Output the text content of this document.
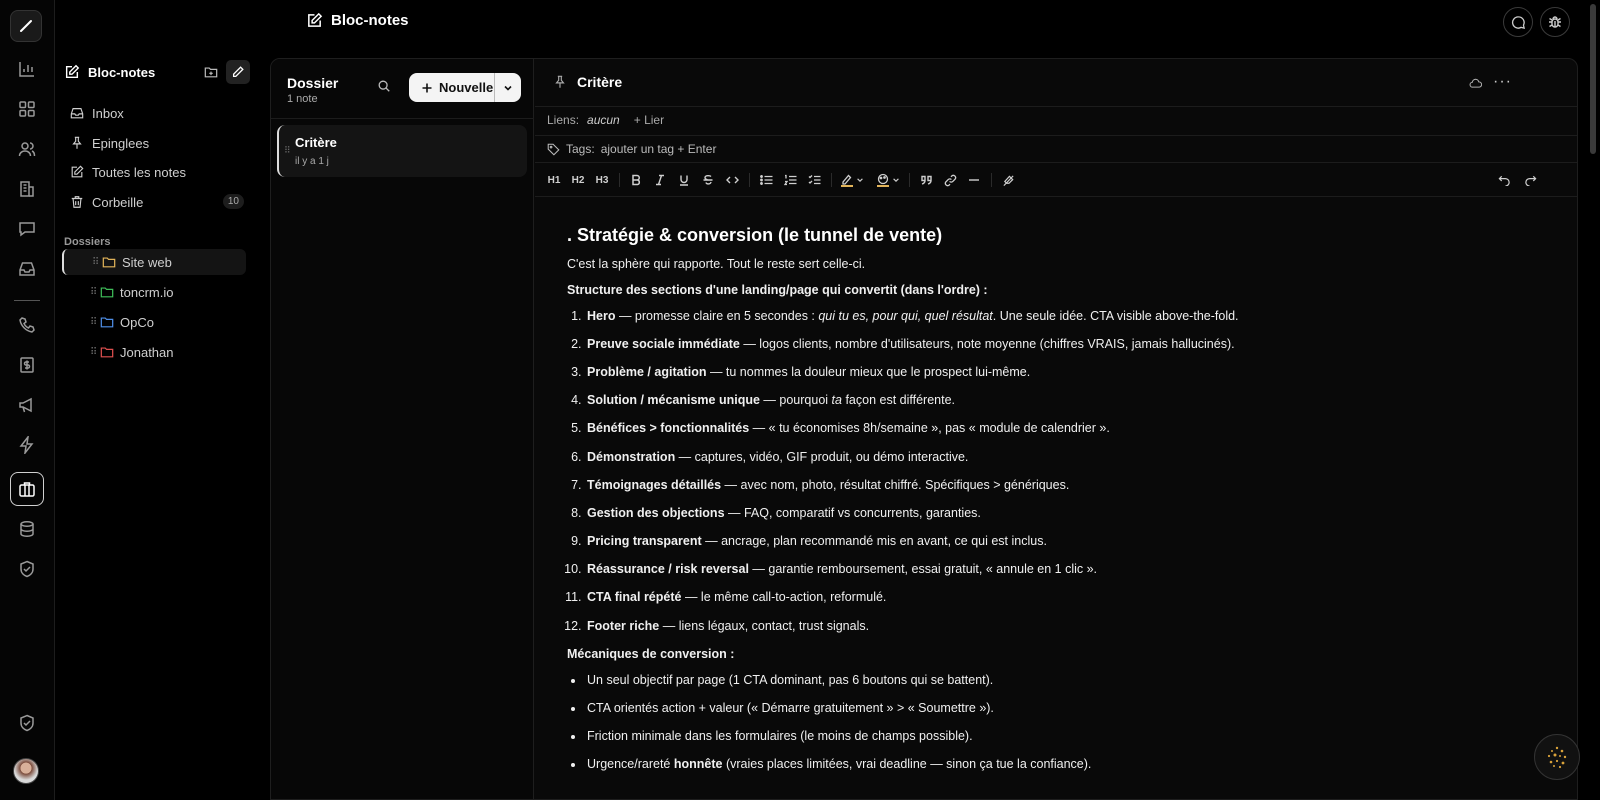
Bloc-notes
Bloc-notes
Inbox
Epinglees
Toutes les notes
Corbeille	10
Dossiers
⠿ Site web
⠿ toncrm.io
⠿ OpCo
⠿ Jonathan
Dossier
1 note
Nouvelle
⠿ Critère
il y a 1 j
Critère	···
Liens: aucun + Lier
Tags: ajouter un tag + Enter
H1 H2 H3
. Stratégie & conversion (le tunnel de vente)

C'est la sphère qui rapporte. Tout le reste sert celle-ci.

Structure des sections d'une landing/page qui convertit (dans l'ordre) :

1. Hero — promesse claire en 5 secondes : qui tu es, pour qui, quel résultat. Une seule idée. CTA visible above-the-fold.
2. Preuve sociale immédiate — logos clients, nombre d'utilisateurs, note moyenne (chiffres VRAIS, jamais hallucinés).
3. Problème / agitation — tu nommes la douleur mieux que le prospect lui-même.
4. Solution / mécanisme unique — pourquoi ta façon est différente.
5. Bénéfices > fonctionnalités — « tu économises 8h/semaine », pas « module de calendrier ».
6. Démonstration — captures, vidéo, GIF produit, ou démo interactive.
7. Témoignages détaillés — avec nom, photo, résultat chiffré. Spécifiques > génériques.
8. Gestion des objections — FAQ, comparatif vs concurrents, garanties.
9. Pricing transparent — ancrage, plan recommandé mis en avant, ce qui est inclus.
10. Réassurance / risk reversal — garantie remboursement, essai gratuit, « annule en 1 clic ».
11. CTA final répété — le même call-to-action, reformulé.
12. Footer riche — liens légaux, contact, trust signals.

Mécaniques de conversion :

• Un seul objectif par page (1 CTA dominant, pas 6 boutons qui se battent).
• CTA orientés action + valeur (« Démarre gratuitement » > « Soumettre »).
• Friction minimale dans les formulaires (le moins de champs possible).
• Urgence/rareté honnête (vraies places limitées, vrai deadline — sinon ça tue la confiance).
